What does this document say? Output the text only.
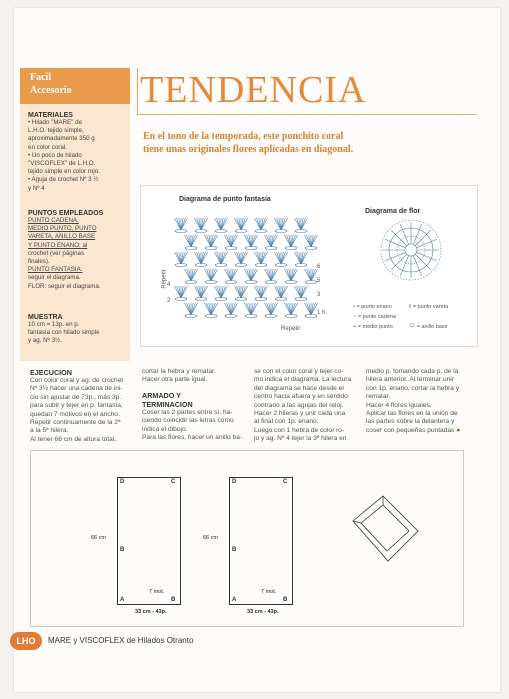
Facil
Accesorio
MATERIALES

• Hilado "MARE" de

L.H.O. tejido simple,

aproximadamente 350 g

en color coral.

• Un poco de hilado

"VISCOFLEX" de L.H.O.

tejido simple en color rojo.

• Aguja de crochet Nº 3 ½

y Nº 4

PUNTOS EMPLEADOS

PUNTO CADENA,

MEDIO PUNTO, PUNTO

VARETA, ANILLO BASE

Y PUNTO ENANO: al

crochet (ver páginas

finales).

PUNTO FANTASIA:

seguir el diagrama.

FLOR: seguir el diagrama.

MUESTRA

10 cm = 13p. en p.

fantasía con hilado simple

y ag. Nº 3½.

TENDENCIA
En el tono de la temporada, este ponchito coral
tiene unas originales flores aplicadas en diagonal.
Diagrama de punto fantasía
Diagrama de flor
Repetir
Repetir
6
5
4
3
2
1 h.
• = punto enano	‖ = punto vareta
○ = punto cadena
+ = medio punto ○ = anillo base
EJECUCION

Con color coral y ag. de crochet

Nº 3½ hacer una cadena de ini-

cio sin ajustar de 73p., más 3p.

para subir y tejer en p. fantasía,

quedan 7 motivos en el ancho.

Repetir continuamente de la 2ª

a la 5ª hilera.

Al tener 66 cm de altura total,

cortar la hebra y rematar.

Hacer otra parte igual.

ARMADO Y
TERMINACION

Coser las 2 partes entre sí, ha-

ciendo coincidir las letras como

indica el dibujo.

Para las flores, hacer un anillo ba-

se con el color coral y tejer co-

mo indica el diagrama. La lectura

del diagrama se hace desde el

centro hacia afuera y en sentido

contrario a las agujas del reloj.

Hacer 2 hileras y unir cada una

al final con 1p. enano.

Luego con 1 hebra de color ro-

jo y ag. Nº 4 tejer la 3ª hilera en

medio p. tomando cada p. de la

hilera anterior. Al terminar unir

con 1p. enano, cortar la hebra y

rematar.

Hacer 4 flores iguales.

Aplicar las flores en la unión de

las partes sobre la delantera y

coser con pequeñas puntadas ●

D	C
B
A	B
66 cm
7 mot.
33 cm - 43p.
D	C
B
A	B
66 cm
7 mot.
33 cm - 43p.
LHO	MARE y VISCOFLEX de Hilados Otranto
